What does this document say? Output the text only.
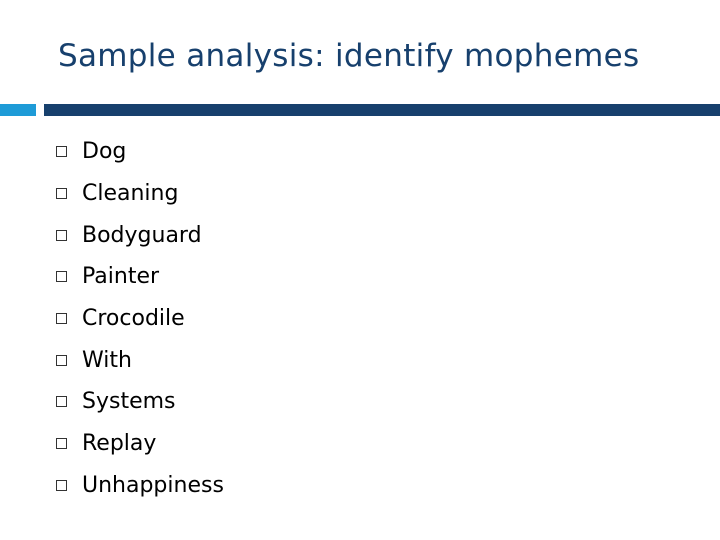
Sample analysis: identify mophemes
Dog
Cleaning
Bodyguard
Painter
Crocodile
With
Systems
Replay
Unhappiness
